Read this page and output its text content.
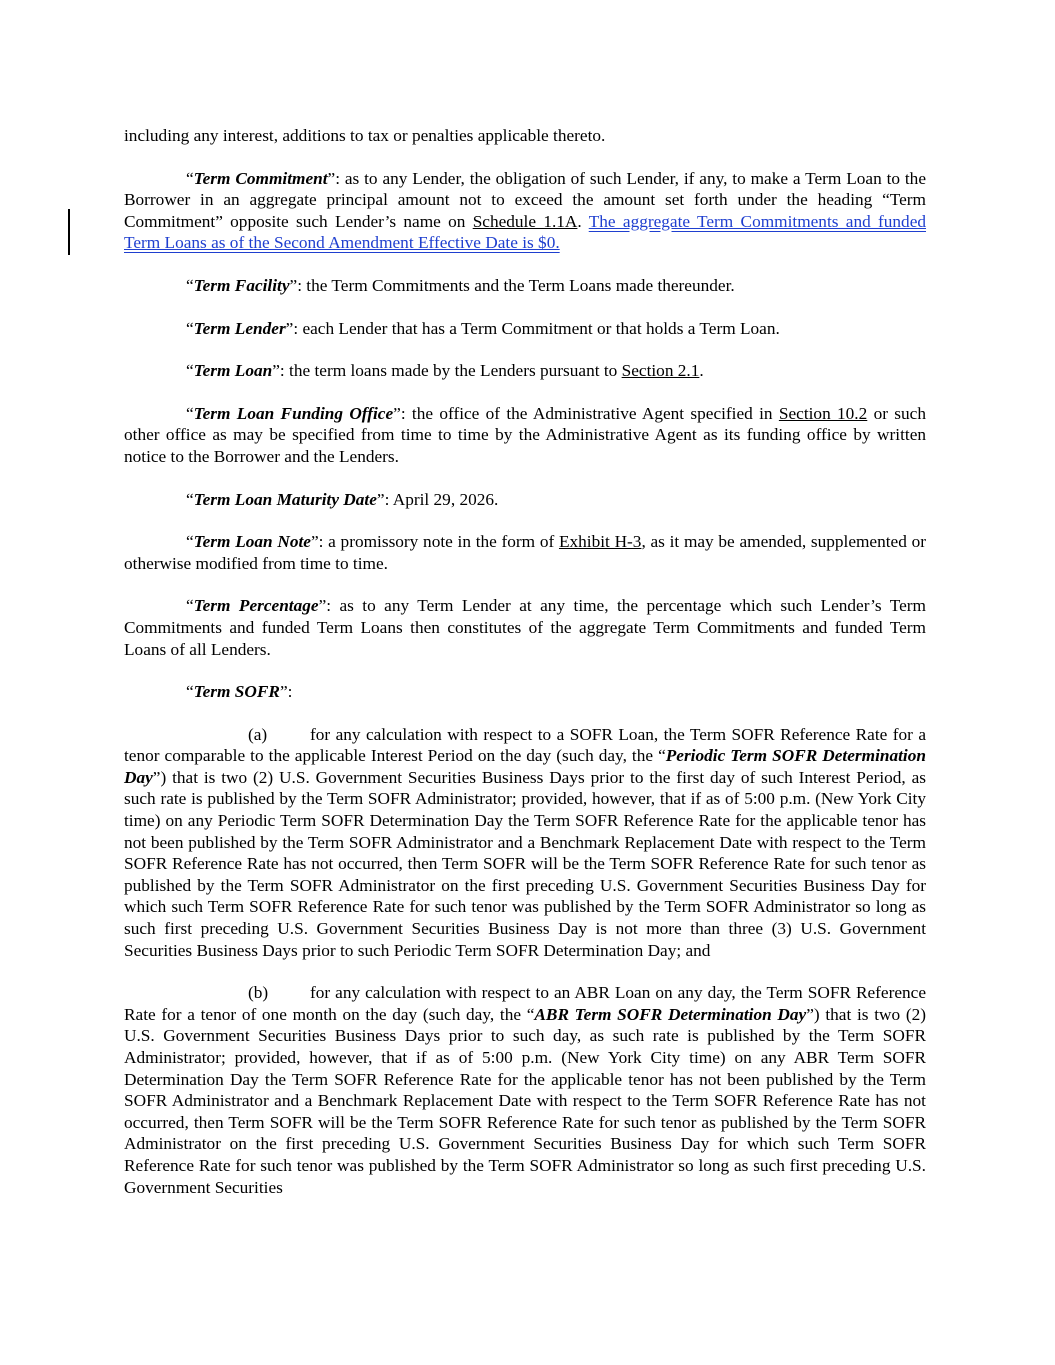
including any interest, additions to tax or penalties applicable thereto.

“Term Commitment”: as to any Lender, the obligation of such Lender, if any, to make a Term Loan to the Borrower in an aggregate principal amount not to exceed the amount set forth under the heading “Term Commitment” opposite such Lender’s name on Schedule 1.1A. The aggregate Term Commitments and funded Term Loans as of the Second Amendment Effective Date is $0.

“Term Facility”: the Term Commitments and the Term Loans made thereunder.

“Term Lender”: each Lender that has a Term Commitment or that holds a Term Loan.

“Term Loan”: the term loans made by the Lenders pursuant to Section 2.1.

“Term Loan Funding Office”: the office of the Administrative Agent specified in Section 10.2 or such other office as may be specified from time to time by the Administrative Agent as its funding office by written notice to the Borrower and the Lenders.

“Term Loan Maturity Date”: April 29, 2026.

“Term Loan Note”: a promissory note in the form of Exhibit H-3, as it may be amended, supplemented or otherwise modified from time to time.

“Term Percentage”: as to any Term Lender at any time, the percentage which such Lender’s Term Commitments and funded Term Loans then constitutes of the aggregate Term Commitments and funded Term Loans of all Lenders.

“Term SOFR”:

(a) for any calculation with respect to a SOFR Loan, the Term SOFR Reference Rate for a tenor comparable to the applicable Interest Period on the day (such day, the “Periodic Term SOFR Determination Day”) that is two (2) U.S. Government Securities Business Days prior to the first day of such Interest Period, as such rate is published by the Term SOFR Administrator; provided, however, that if as of 5:00 p.m. (New York City time) on any Periodic Term SOFR Determination Day the Term SOFR Reference Rate for the applicable tenor has not been published by the Term SOFR Administrator and a Benchmark Replacement Date with respect to the Term SOFR Reference Rate has not occurred, then Term SOFR will be the Term SOFR Reference Rate for such tenor as published by the Term SOFR Administrator on the first preceding U.S. Government Securities Business Day for which such Term SOFR Reference Rate for such tenor was published by the Term SOFR Administrator so long as such first preceding U.S. Government Securities Business Day is not more than three (3) U.S. Government Securities Business Days prior to such Periodic Term SOFR Determination Day; and

(b) for any calculation with respect to an ABR Loan on any day, the Term SOFR Reference Rate for a tenor of one month on the day (such day, the “ABR Term SOFR Determination Day”) that is two (2) U.S. Government Securities Business Days prior to such day, as such rate is published by the Term SOFR Administrator; provided, however, that if as of 5:00 p.m. (New York City time) on any ABR Term SOFR Determination Day the Term SOFR Reference Rate for the applicable tenor has not been published by the Term SOFR Administrator and a Benchmark Replacement Date with respect to the Term SOFR Reference Rate has not occurred, then Term SOFR will be the Term SOFR Reference Rate for such tenor as published by the Term SOFR Administrator on the first preceding U.S. Government Securities Business Day for which such Term SOFR Reference Rate for such tenor was published by the Term SOFR Administrator so long as such first preceding U.S. Government Securities
